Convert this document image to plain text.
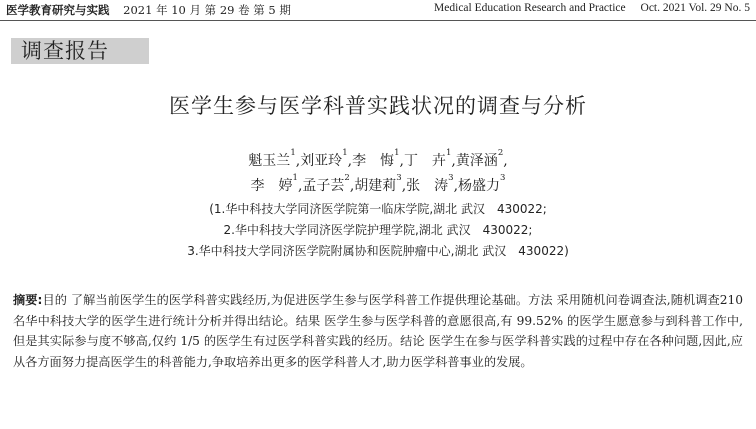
医学教育研究与实践 2021 年 10 月 第 29 卷 第 5 期	Medical Education Research and Practice Oct. 2021 Vol. 29 No. 5
调查报告
医学生参与医学科普实践状况的调查与分析
魁玉兰$^1$,刘亚玲$^1$,李　悔$^1$,丁　卉$^1$,黄泽涵$^2$,
李　婷$^1$,孟子芸$^2$,胡建莉$^3$,张　涛$^3$,杨盛力$^3$
(1.华中科技大学同济医学院第一临床学院,湖北 武汉　430022;
2.华中科技大学同济医学院护理学院,湖北 武汉　430022;
3.华中科技大学同济医学院附属协和医院肿瘤中心,湖北 武汉　430022)

摘要:目的 了解当前医学生的医学科普实践经历,为促进医学生参与医学科普工作提供理论基础。方法 采用随机问卷调查法,随机调查210 名华中科技大学的医学生进行统计分析并得出结论。结果 医学生参与医学科普的意愿很高,有 99.52% 的医学生愿意参与到科普工作中,但是其实际参与度不够高,仅约 1/5 的医学生有过医学科普实践的经历。结论 医学生在参与医学科普实践的过程中存在各种问题,因此,应从各方面努力提高医学生的科普能力,争取培养出更多的医学科普人才,助力医学科普事业的发展。
